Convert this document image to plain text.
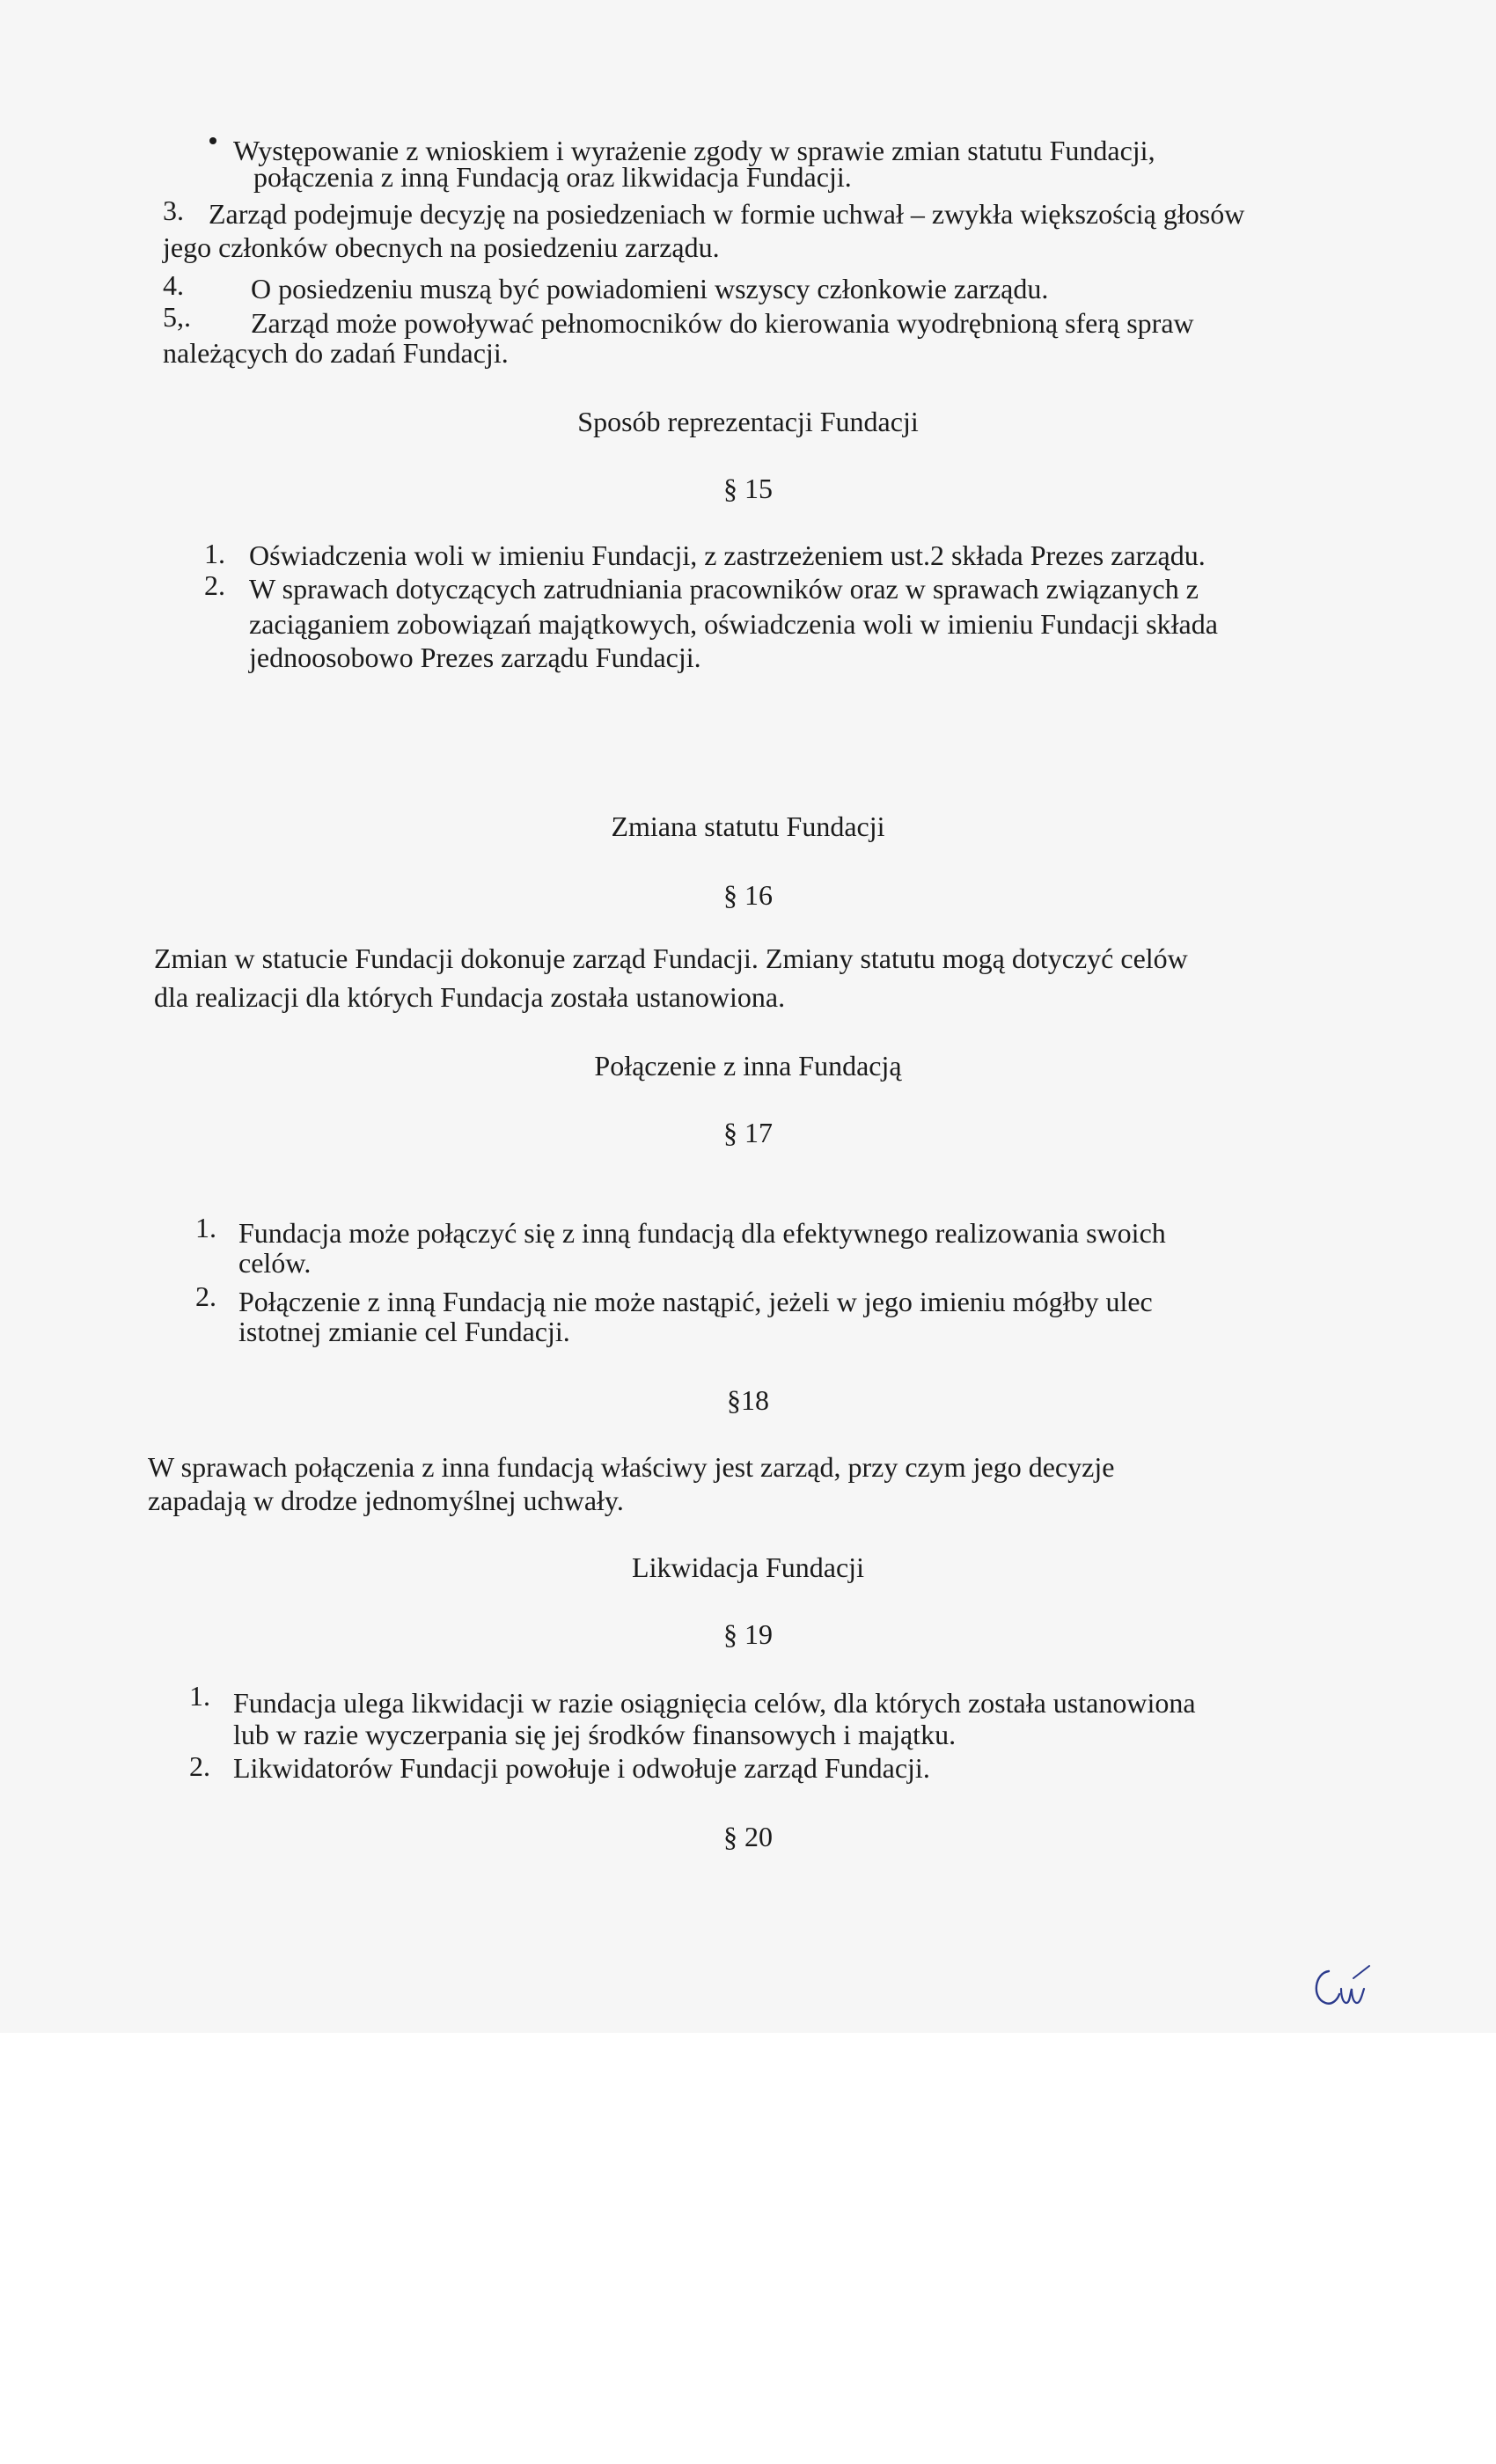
Występowanie z wnioskiem i wyrażenie zgody w sprawie zmian statutu Fundacji,
połączenia z inną Fundacją oraz likwidacja Fundacji.
3. Zarząd podejmuje decyzję na posiedzeniach w formie uchwał – zwykła większością głosów
jego członków obecnych na posiedzeniu zarządu.
4. O posiedzeniu muszą być powiadomieni wszyscy członkowie zarządu.
5,. Zarząd może powoływać pełnomocników do kierowania wyodrębnioną sferą spraw
należących do zadań Fundacji.
Sposób reprezentacji Fundacji
§ 15
1. Oświadczenia woli w imieniu Fundacji, z zastrzeżeniem ust.2 składa Prezes zarządu.
2. W sprawach dotyczących zatrudniania pracowników oraz w sprawach związanych z
zaciąganiem zobowiązań majątkowych, oświadczenia woli w imieniu Fundacji składa
jednoosobowo Prezes zarządu Fundacji.
Zmiana statutu Fundacji
§ 16
Zmian w statucie Fundacji dokonuje zarząd Fundacji. Zmiany statutu mogą dotyczyć celów
dla realizacji dla których Fundacja została ustanowiona.
Połączenie z inna Fundacją
§ 17
1. Fundacja może połączyć się z inną fundacją dla efektywnego realizowania swoich
celów.
2. Połączenie z inną Fundacją nie może nastąpić, jeżeli w jego imieniu mógłby ulec
istotnej zmianie cel Fundacji.
§18
W sprawach połączenia z inna fundacją właściwy jest zarząd, przy czym jego decyzje
zapadają w drodze jednomyślnej uchwały.
Likwidacja Fundacji
§ 19
1. Fundacja ulega likwidacji w razie osiągnięcia celów, dla których została ustanowiona
lub w razie wyczerpania się jej środków finansowych i majątku.
2. Likwidatorów Fundacji powołuje i odwołuje zarząd Fundacji.
§ 20
